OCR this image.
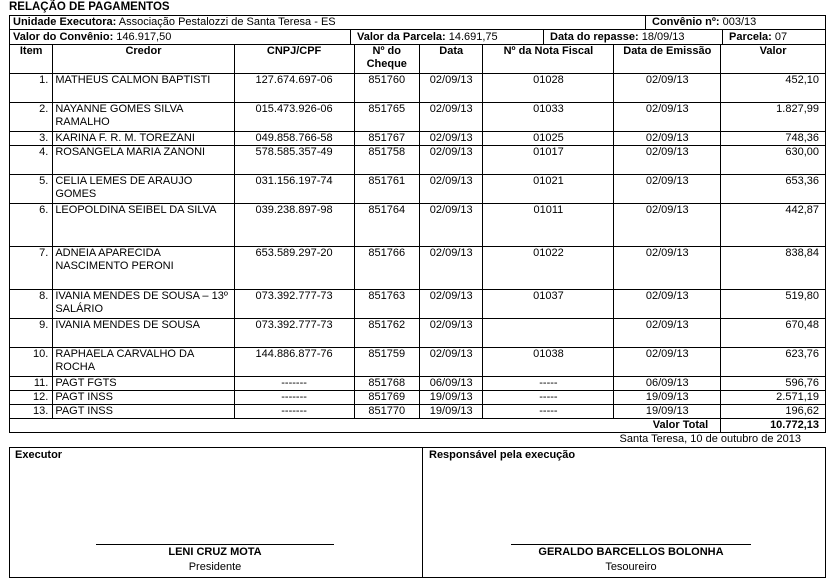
RELAÇÃO DE PAGAMENTOS
Unidade Executora: Associação Pestalozzi de Santa Teresa - ES	Convênio nº: 003/13
Valor do Convênio: 146.917,50	Valor da Parcela: 14.691,75	Data do repasse: 18/09/13	Parcela: 07
Item	Credor	CNPJ/CPF	Nº do Cheque	Data	Nº da Nota Fiscal	Data de Emissão	Valor
1.	MATHEUS CALMON BAPTISTI	127.674.697-06	851760	02/09/13	01028	02/09/13	452,10
2.	NAYANNE GOMES SILVA RAMALHO	015.473.926-06	851765	02/09/13	01033	02/09/13	1.827,99
3.	KARINA F. R. M. TOREZANI	049.858.766-58	851767	02/09/13	01025	02/09/13	748,36
4.	ROSANGELA MARIA ZANONI	578.585.357-49	851758	02/09/13	01017	02/09/13	630,00
5.	CELIA LEMES DE ARAUJO GOMES	031.156.197-74	851761	02/09/13	01021	02/09/13	653,36
6.	LEOPOLDINA SEIBEL DA SILVA	039.238.897-98	851764	02/09/13	01011	02/09/13	442,87
7.	ADNEIA APARECIDA NASCIMENTO PERONI	653.589.297-20	851766	02/09/13	01022	02/09/13	838,84
8.	IVANIA MENDES DE SOUSA – 13º SALÁRIO	073.392.777-73	851763	02/09/13	01037	02/09/13	519,80
9.	IVANIA MENDES DE SOUSA	073.392.777-73	851762	02/09/13		02/09/13	670,48
10.	RAPHAELA CARVALHO DA ROCHA	144.886.877-76	851759	02/09/13	01038	02/09/13	623,76
11.	PAGT FGTS	-------	851768	06/09/13	-----	06/09/13	596,76
12.	PAGT INSS	-------	851769	19/09/13	-----	19/09/13	2.571,19
13.	PAGT INSS	-------	851770	19/09/13	-----	19/09/13	196,62
Valor Total							10.772,13
Santa Teresa, 10 de outubro de 2013
Executor	Responsável pela execução
LENI CRUZ MOTA
Presidente
GERALDO BARCELLOS BOLONHA
Tesoureiro
